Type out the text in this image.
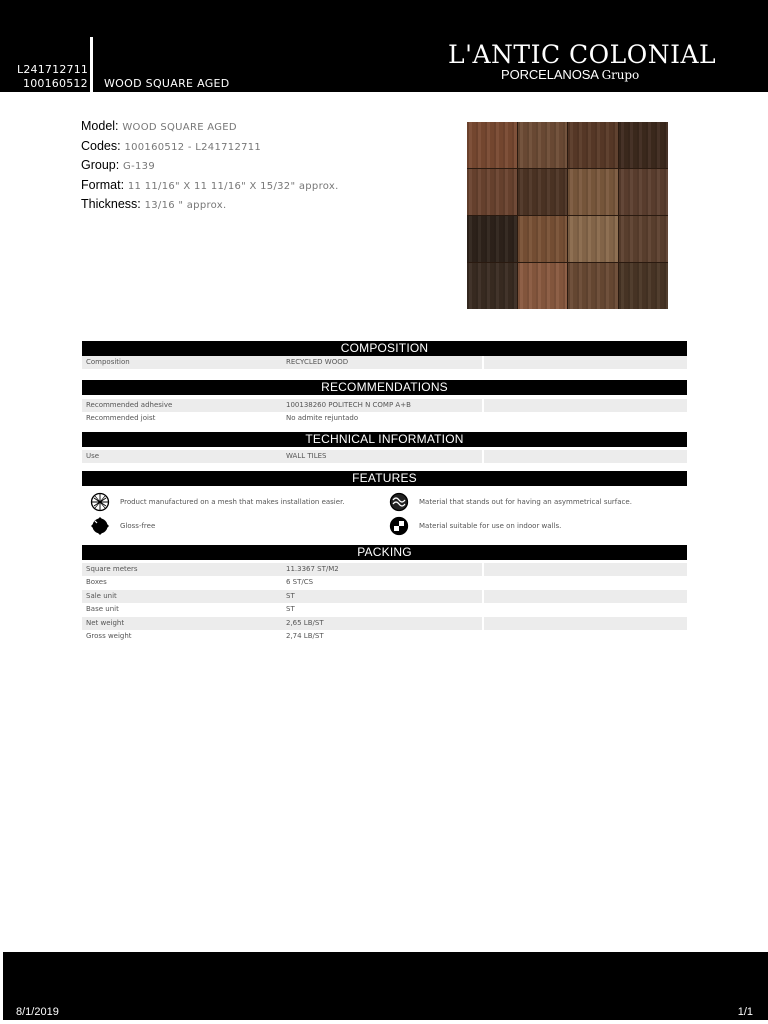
L241712711
100160512 WOOD SQUARE AGED
L'ANTIC COLONIAL
PORCELANOSA Grupo
Model: WOOD SQUARE AGED
Codes: 100160512 - L241712711
Group: G-139
Format: 11 11/16" X 11 11/16" X 15/32" approx.
Thickness: 13/16 " approx.
COMPOSITION
Composition	RECYCLED WOOD
RECOMMENDATIONS
Recommended adhesive	100138260 POLITECH N COMP A+B
Recommended joist	No admite rejuntado
TECHNICAL INFORMATION
Use	WALL TILES
FEATURES
Product manufactured on a mesh that makes installation easier.	Material that stands out for having an asymmetrical surface.
Gloss-free	Material suitable for use on indoor walls.
PACKING
Square meters	11.3367 ST/M2
Boxes	6 ST/CS
Sale unit	ST
Base unit	ST
Net weight	2,65 LB/ST
Gross weight	2,74 LB/ST
8/1/2019	1/1
